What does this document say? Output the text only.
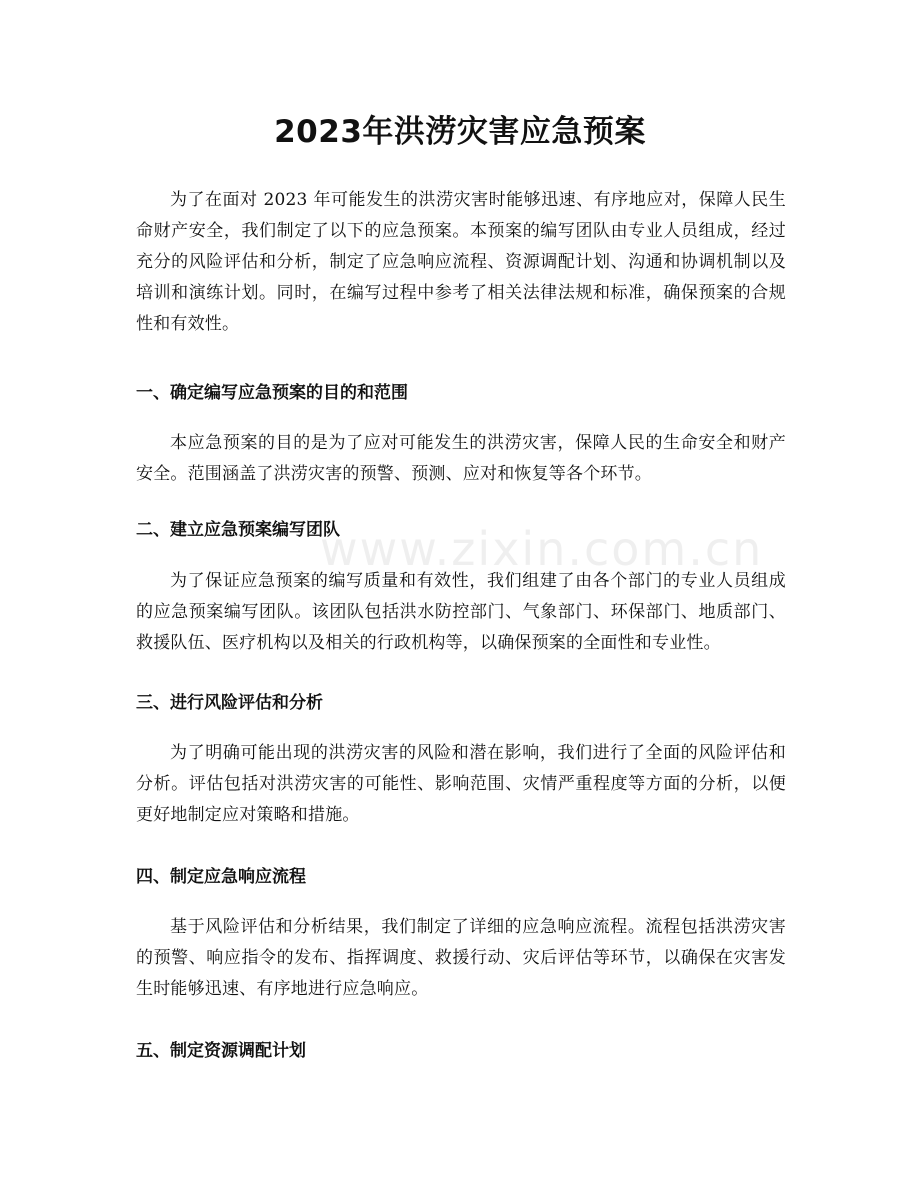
2023年洪涝灾害应急预案

为了在面对 2023 年可能发生的洪涝灾害时能够迅速、有序地应对，保障人民生命财产安全，我们制定了以下的应急预案。本预案的编写团队由专业人员组成，经过充分的风险评估和分析，制定了应急响应流程、资源调配计划、沟通和协调机制以及培训和演练计划。同时，在编写过程中参考了相关法律法规和标准，确保预案的合规性和有效性。

一、确定编写应急预案的目的和范围

本应急预案的目的是为了应对可能发生的洪涝灾害，保障人民的生命安全和财产安全。范围涵盖了洪涝灾害的预警、预测、应对和恢复等各个环节。

二、建立应急预案编写团队

为了保证应急预案的编写质量和有效性，我们组建了由各个部门的专业人员组成的应急预案编写团队。该团队包括洪水防控部门、气象部门、环保部门、地质部门、救援队伍、医疗机构以及相关的行政机构等，以确保预案的全面性和专业性。

三、进行风险评估和分析

为了明确可能出现的洪涝灾害的风险和潜在影响，我们进行了全面的风险评估和分析。评估包括对洪涝灾害的可能性、影响范围、灾情严重程度等方面的分析，以便更好地制定应对策略和措施。

四、制定应急响应流程

基于风险评估和分析结果，我们制定了详细的应急响应流程。流程包括洪涝灾害的预警、响应指令的发布、指挥调度、救援行动、灾后评估等环节，以确保在灾害发生时能够迅速、有序地进行应急响应。

五、制定资源调配计划
www.zixin.com.cn
